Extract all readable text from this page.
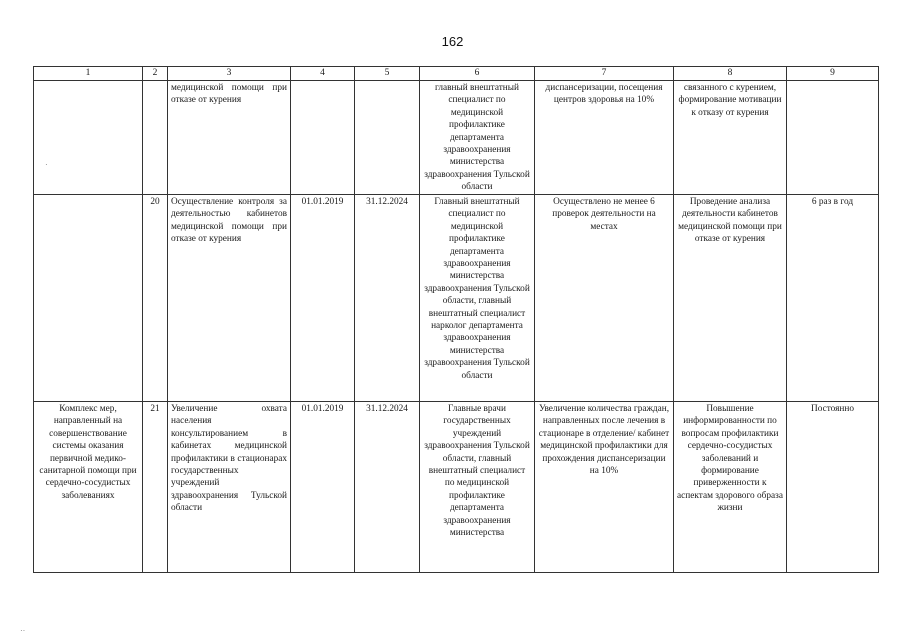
162
1	2	3	4	5	6	7	8	9
		медицинской помощи при отказе от курения			главный внештатный специалист по медицинской профилактике департамента здравоохранения министерства здравоохранения Тульской области	диспансеризации, посещения центров здоровья на 10%	связанного с курением, формирование мотивации к отказу от курения	
	20	Осуществление контроля за деятельностью кабинетов медицинской помощи при отказе от курения	01.01.2019	31.12.2024	Главный внештатный специалист по медицинской профилактике департамента здравоохранения министерства здравоохранения Тульской области, главный внештатный специалист нарколог департамента здравоохранения министерства здравоохранения Тульской области	Осуществлено не менее 6 проверок деятельности на местах	Проведение анализа деятельности кабинетов медицинской помощи при отказе от курения	6 раз в год
Комплекс мер, направленный на совершенствование системы оказания первичной медико-санитарной помощи при сердечно-сосудистых заболеваниях	21	Увеличение охвата населения консультированием в кабинетах медицинской профилактики в стационарах государственных учреждений здравоохранения Тульской области	01.01.2019	31.12.2024	Главные врачи государственных учреждений здравоохранения Тульской области, главный внештатный специалист по медицинской профилактике департамента здравоохранения министерства	Увеличение количества граждан, направленных после лечения в стационаре в отделение/ кабинет медицинской профилактики для прохождения диспансеризации на 10%	Повышение информированности по вопросам профилактики сердечно-сосудистых заболеваний и формирование приверженности к аспектам здорового образа жизни	Постоянно
·
··
